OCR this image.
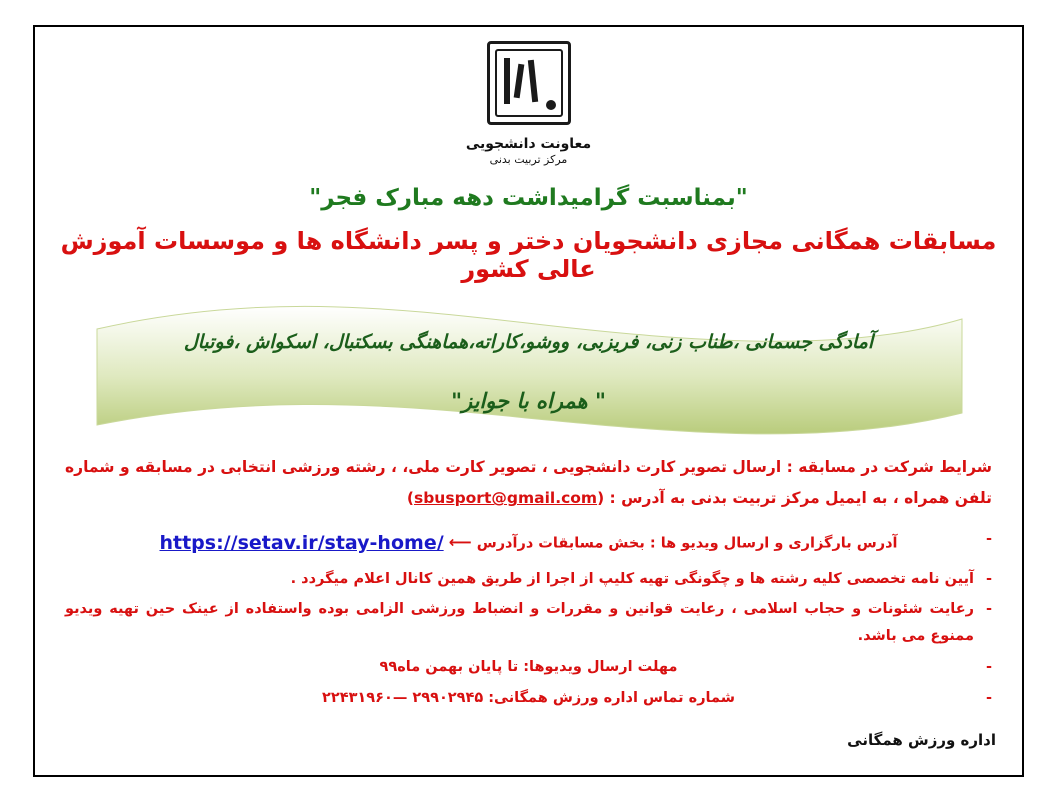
معاونت دانشجویی
مرکز تربیت بدنی
"بمناسبت گرامیداشت دهه مبارک فجر"
مسابقات همگانی مجازی دانشجویان دختر و پسر دانشگاه ها و موسسات آموزش عالی کشور
آمادگی جسمانی ،طناب زنی، فریزبی، ووشو،کاراته،هماهنگی بسکتبال، اسکواش ،فوتبال
" همراه با جوایز"
شرایط شرکت در مسابقه : ارسال تصویر کارت دانشجویی ، تصویر کارت ملی، ، رشته ورزشی انتخابی در مسابقه و شماره تلفن همراه ، به ایمیل مرکز تربیت بدنی به آدرس : (sbusport@gmail.com)
-
آدرس بارگزاری و ارسال ویدیو ها : بخش مسابقات درآدرس ⟵ https://setav.ir/stay-home/
-
آیین نامه تخصصی کلیه رشته ها و چگونگی تهیه کلیپ از اجرا از طریق همین کانال اعلام میگردد .
-
رعایت شئونات و حجاب اسلامی ، رعایت قوانین و مقررات و انضباط ورزشی الزامی بوده واستفاده از عینک حین تهیه ویدیو ممنوع می باشد.
-
مهلت ارسال ویدیوها: تا پایان بهمن ماه۹۹
-
شماره تماس اداره ورزش همگانی: ۲۹۹۰۲۹۴۵ —۲۲۴۳۱۹۶۰
اداره ورزش همگانی
